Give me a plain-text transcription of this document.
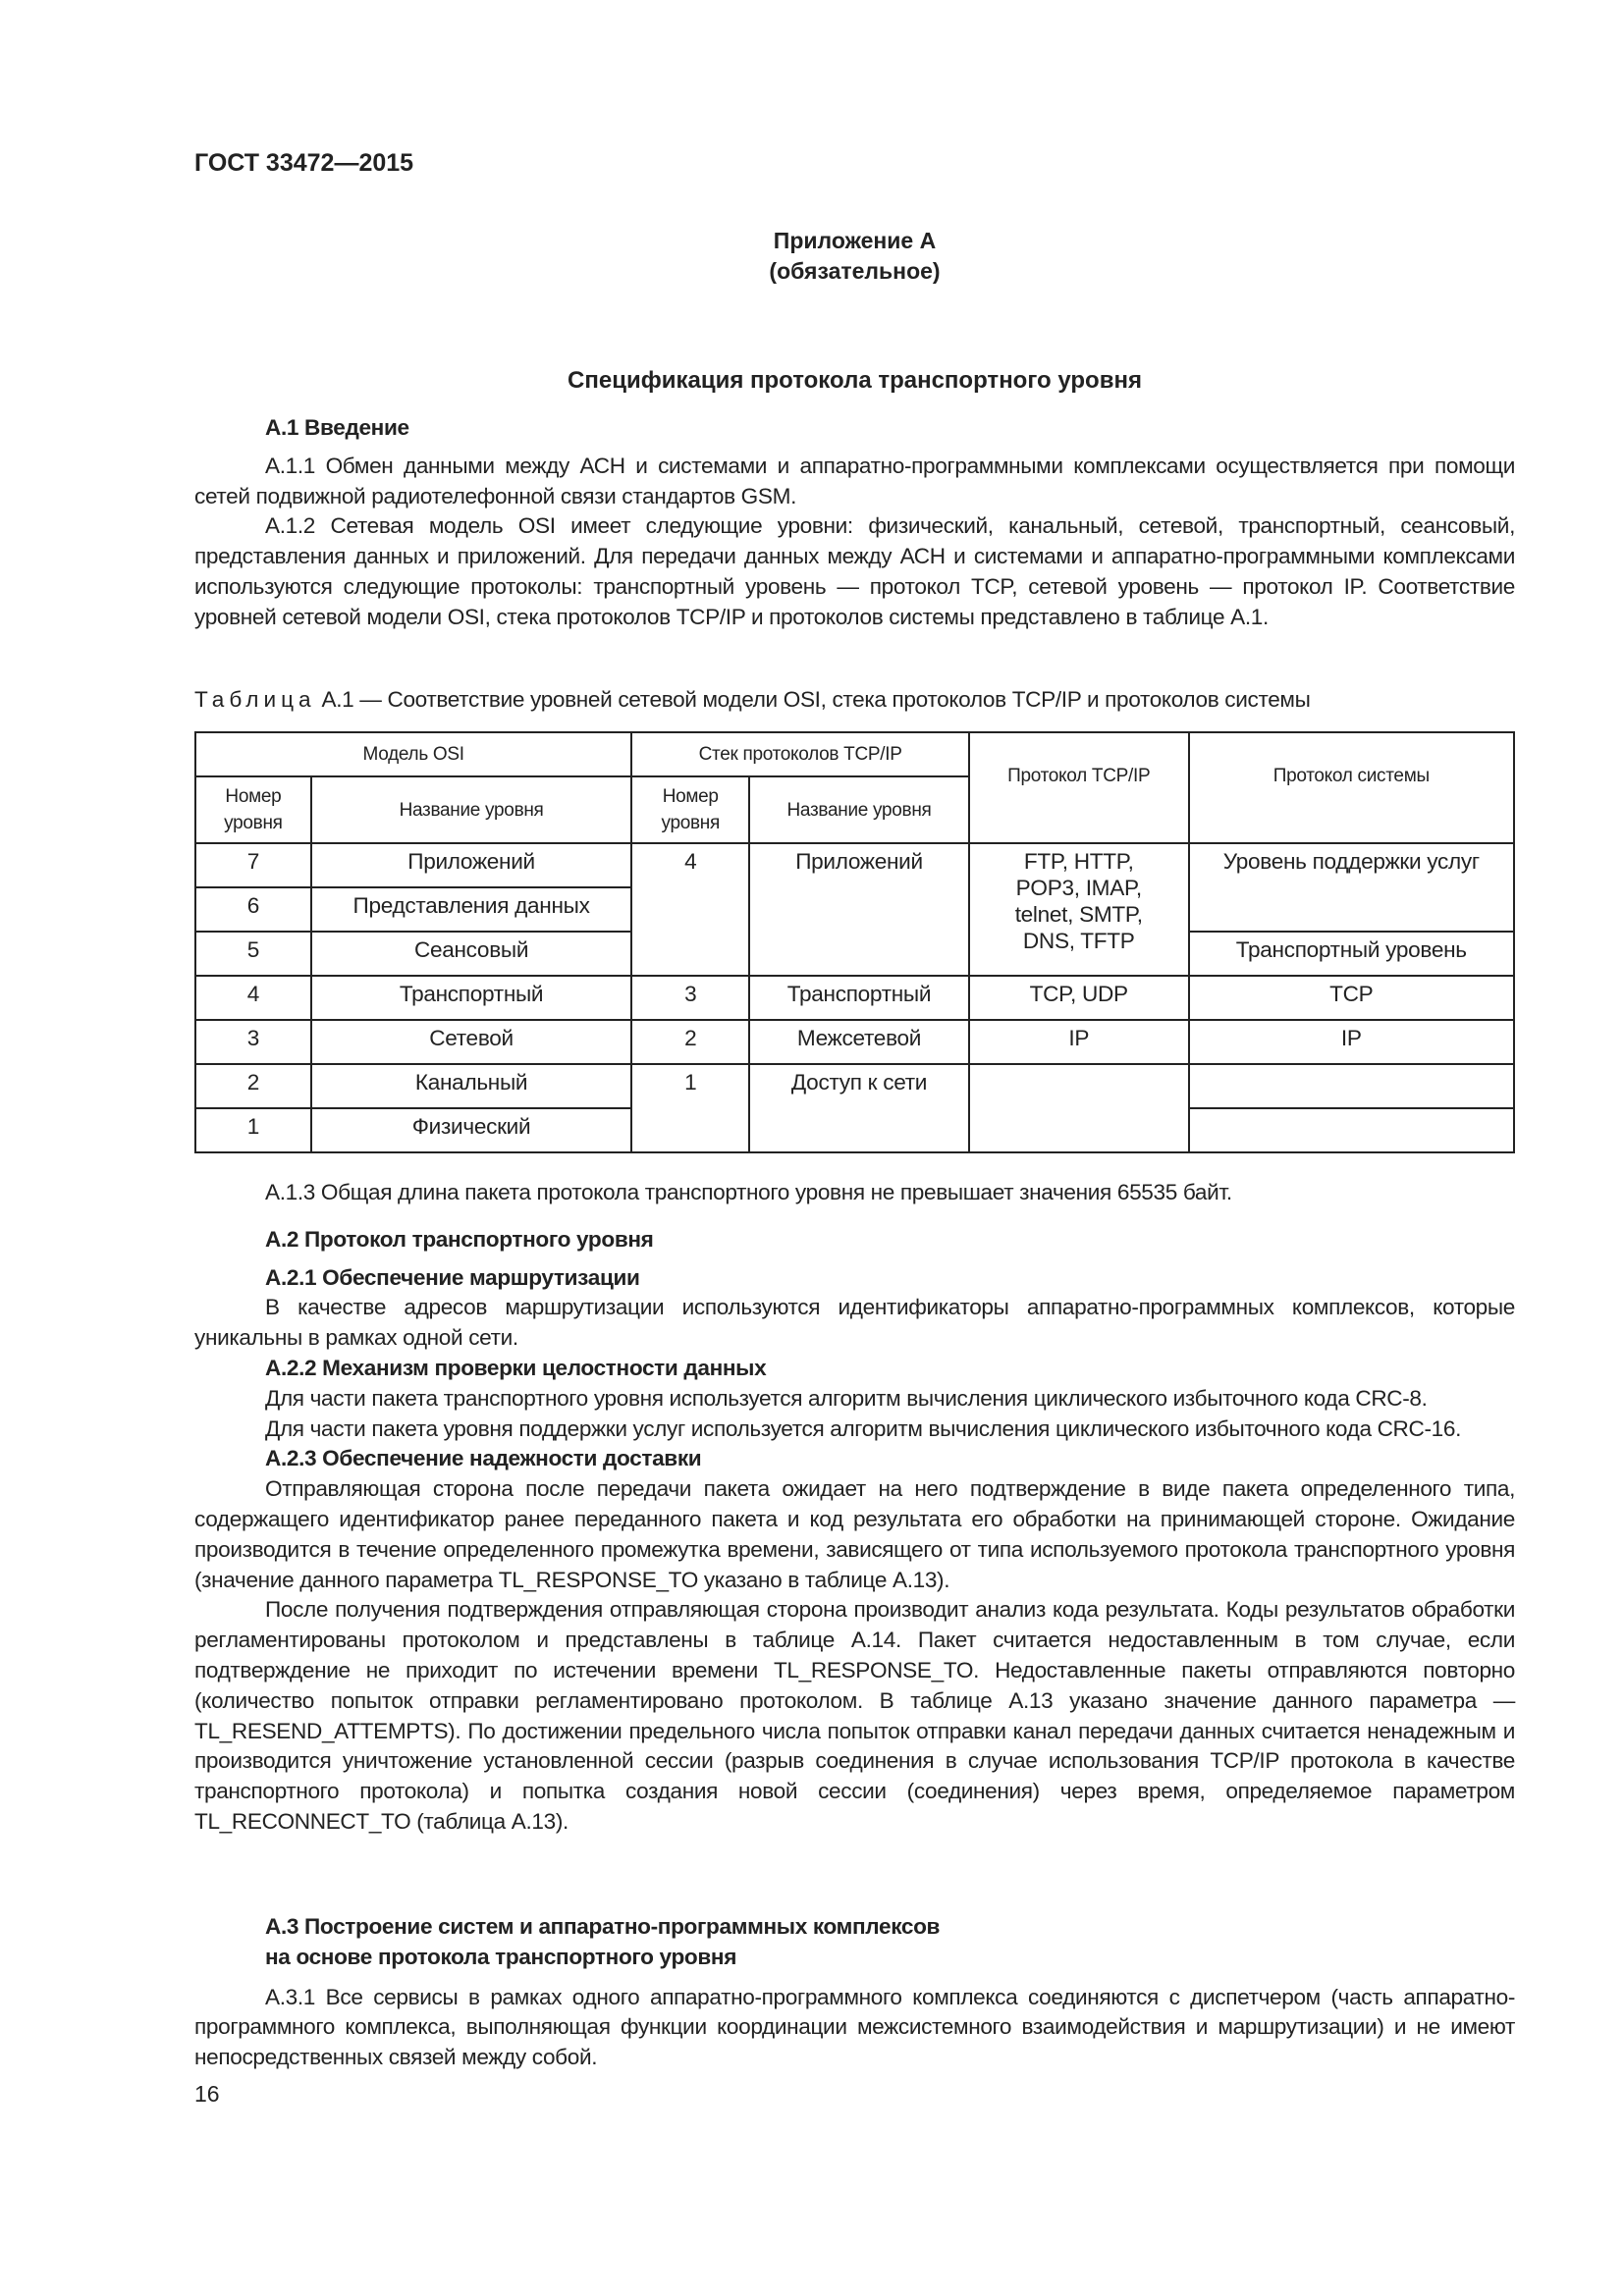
ГОСТ 33472—2015
Приложение А
(обязательное)
Спецификация протокола транспортного уровня
А.1 Введение

А.1.1 Обмен данными между АСН и системами и аппаратно-программными комплексами осуществляется при помощи сетей подвижной радиотелефонной связи стандартов GSM.

А.1.2 Сетевая модель OSI имеет следующие уровни: физический, канальный, сетевой, транспортный, сеансовый, представления данных и приложений. Для передачи данных между АСН и системами и аппаратно-программными комплексами используются следующие протоколы: транспортный уровень — протокол TCP, сетевой уровень — протокол IP. Соответствие уровней сетевой модели OSI, стека протоколов TCP/IP и протоколов системы представлено в таблице А.1.

Таблица А.1 — Соответствие уровней сетевой модели OSI, стека протоколов TCP/IP и протоколов системы
Модель OSI		Стек протоколов TCP/IP		Протокол TCP/IP	Протокол системы
Номер уровня	Название уровня	Номер уровня	Название уровня		
7	Приложений	4	Приложений	FTP, HTTP, POP3, IMAP, telnet, SMTP, DNS, TFTP	Уровень поддержки услуг
6	Представления данных				
5	Сеансовый				Транспортный уровень
4	Транспортный	3	Транспортный	TCP, UDP	TCP
3	Сетевой	2	Межсетевой	IP	IP
2	Канальный	1	Доступ к сети		
1	Физический				

А.1.3 Общая длина пакета протокола транспортного уровня не превышает значения 65535 байт.

А.2 Протокол транспортного уровня
А.2.1 Обеспечение маршрутизации

В качестве адресов маршрутизации используются идентификаторы аппаратно-программных комплексов, которые уникальны в рамках одной сети.

А.2.2 Механизм проверки целостности данных

Для части пакета транспортного уровня используется алгоритм вычисления циклического избыточного кода CRC-8.

Для части пакета уровня поддержки услуг используется алгоритм вычисления циклического избыточного кода CRC-16.

А.2.3 Обеспечение надежности доставки

Отправляющая сторона после передачи пакета ожидает на него подтверждение в виде пакета определенного типа, содержащего идентификатор ранее переданного пакета и код результата его обработки на принимающей стороне. Ожидание производится в течение определенного промежутка времени, зависящего от типа используемого протокола транспортного уровня (значение данного параметра TL_RESPONSE_TO указано в таблице А.13).

После получения подтверждения отправляющая сторона производит анализ кода результата. Коды результатов обработки регламентированы протоколом и представлены в таблице А.14. Пакет считается недоставленным в том случае, если подтверждение не приходит по истечении времени TL_RESPONSE_TO. Недоставленные пакеты отправляются повторно (количество попыток отправки регламентировано протоколом. В таблице А.13 указано значение данного параметра — TL_RESEND_ATTEMPTS). По достижении предельного числа попыток отправки канал передачи данных считается ненадежным и производится уничтожение установленной сессии (разрыв соединения в случае использования TCP/IP протокола в качестве транспортного протокола) и попытка создания новой сессии (соединения) через время, определяемое параметром TL_RECONNECT_TO (таблица А.13).

А.3 Построение систем и аппаратно-программных комплексов
на основе протокола транспортного уровня

А.3.1 Все сервисы в рамках одного аппаратно-программного комплекса соединяются с диспетчером (часть аппаратно-программного комплекса, выполняющая функции координации межсистемного взаимодействия и маршрутизации) и не имеют непосредственных связей между собой.

16
